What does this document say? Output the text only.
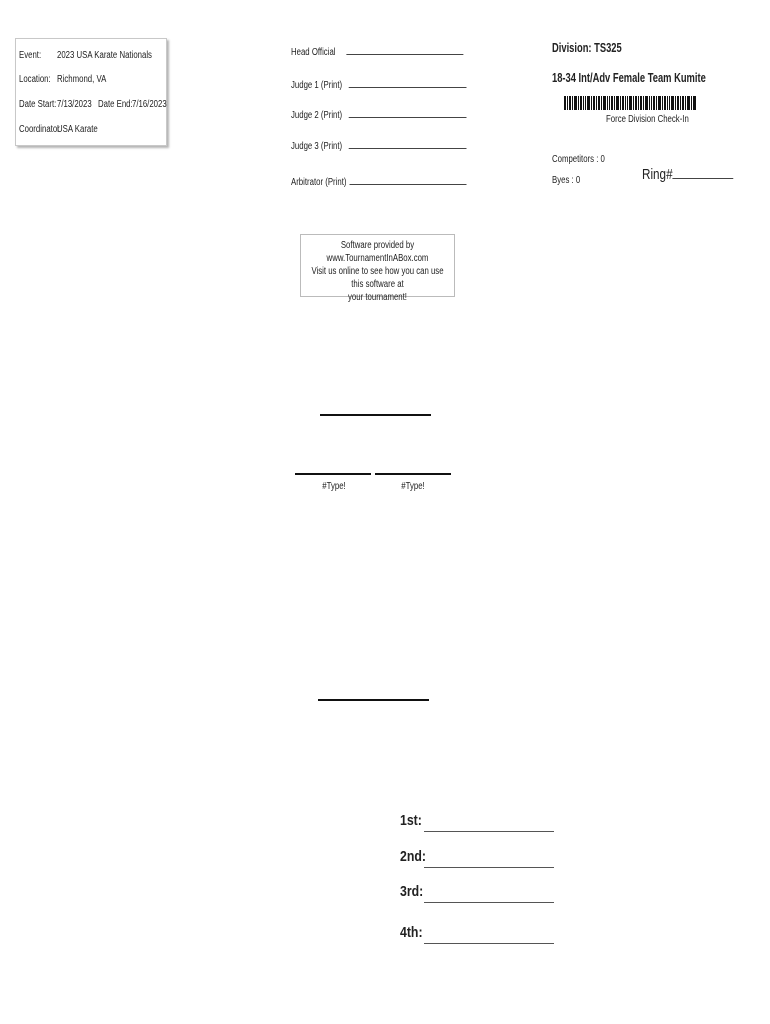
Event: 2023 USA Karate Nationals
Location: Richmond, VA
Date Start: 7/13/2023 Date End: 7/16/2023
Coordinator
USA Karate
Head Official
Judge 1 (Print)
Judge 2 (Print)
Judge 3 (Print)
Arbitrator (Print)
Division: TS325
18-34 Int/Adv Female Team Kumite
Force Division Check-In
Competitors : 0
Byes : 0	Ring#
Software provided by www.TournamentInABox.com
Visit us online to see how you can use this software at
your tournament!
#Type!	#Type!
1st:
2nd:
3rd:
4th:
